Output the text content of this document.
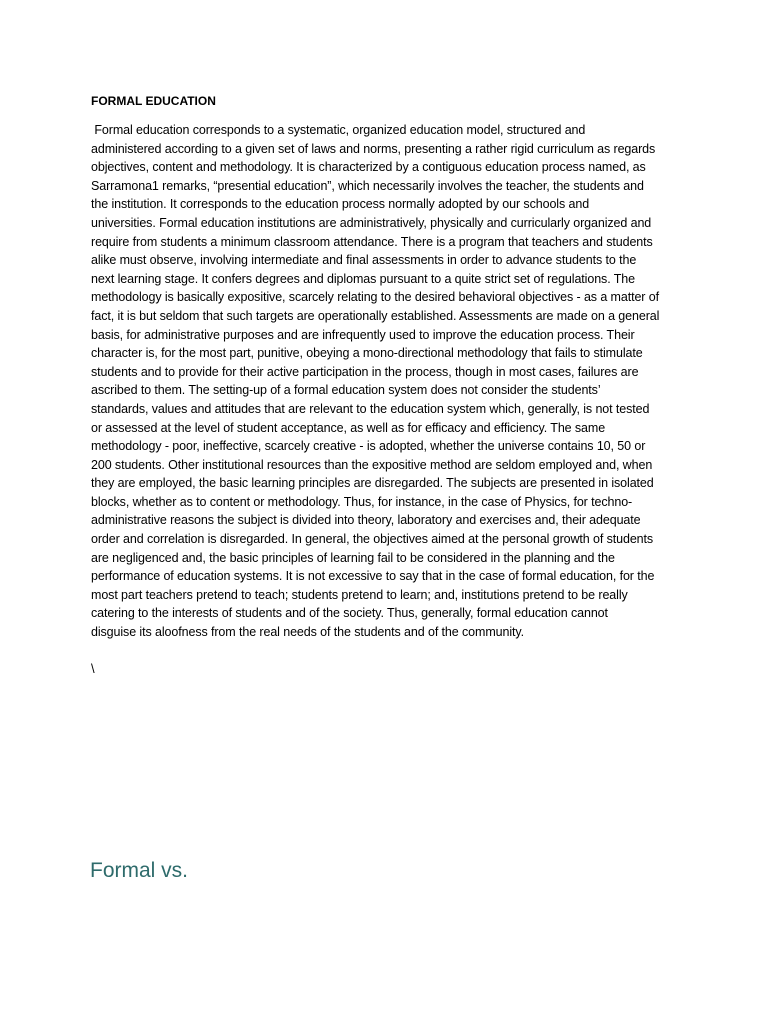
FORMAL EDUCATION
Formal education corresponds to a systematic, organized education model, structured and
administered according to a given set of laws and norms, presenting a rather rigid curriculum as regards
objectives, content and methodology. It is characterized by a contiguous education process named, as
Sarramona1 remarks, “presential education”, which necessarily involves the teacher, the students and
the institution. It corresponds to the education process normally adopted by our schools and
universities. Formal education institutions are administratively, physically and curricularly organized and
require from students a minimum classroom attendance. There is a program that teachers and students
alike must observe, involving intermediate and final assessments in order to advance students to the
next learning stage. It confers degrees and diplomas pursuant to a quite strict set of regulations. The
methodology is basically expositive, scarcely relating to the desired behavioral objectives - as a matter of
fact, it is but seldom that such targets are operationally established. Assessments are made on a general
basis, for administrative purposes and are infrequently used to improve the education process. Their
character is, for the most part, punitive, obeying a mono-directional methodology that fails to stimulate
students and to provide for their active participation in the process, though in most cases, failures are
ascribed to them. The setting-up of a formal education system does not consider the students’
standards, values and attitudes that are relevant to the education system which, generally, is not tested
or assessed at the level of student acceptance, as well as for efficacy and efficiency. The same
methodology - poor, ineffective, scarcely creative - is adopted, whether the universe contains 10, 50 or
200 students. Other institutional resources than the expositive method are seldom employed and, when
they are employed, the basic learning principles are disregarded. The subjects are presented in isolated
blocks, whether as to content or methodology. Thus, for instance, in the case of Physics, for techno-
administrative reasons the subject is divided into theory, laboratory and exercises and, their adequate
order and correlation is disregarded. In general, the objectives aimed at the personal growth of students
are negligenced and, the basic principles of learning fail to be considered in the planning and the
performance of education systems. It is not excessive to say that in the case of formal education, for the
most part teachers pretend to teach; students pretend to learn; and, institutions pretend to be really
catering to the interests of students and of the society. Thus, generally, formal education cannot
disguise its aloofness from the real needs of the students and of the community.
\
Formal vs.
